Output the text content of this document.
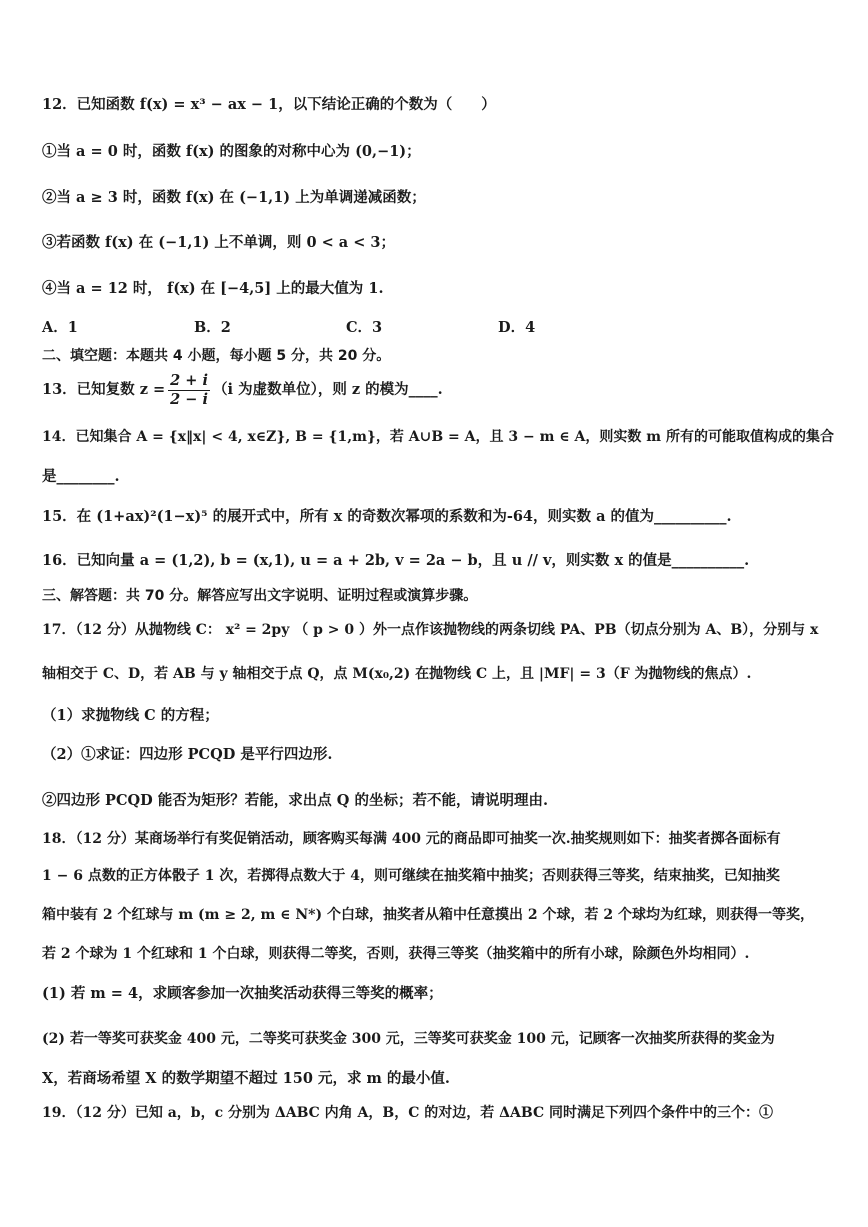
12．已知函数 f(x) = x³ − ax − 1，以下结论正确的个数为（　　）
①当 a = 0 时，函数 f(x) 的图象的对称中心为 (0,−1)；
②当 a ≥ 3 时，函数 f(x) 在 (−1,1) 上为单调递减函数；
③若函数 f(x) 在 (−1,1) 上不单调，则 0 < a < 3；
④当 a = 12 时， f(x) 在 [−4,5] 上的最大值为 1.
A．1	B．2	C．3	D．4
二、填空题：本题共 4 小题，每小题 5 分，共 20 分。
13．已知复数 $z = \frac{2 + i}{2 - i} (i$ 为虚数单位），则 z 的模为____.
14．已知集合 A = {x‖x| < 4, x∈Z}, B = {1,m}，若 A∪B = A，且 3 − m ∈ A，则实数 m 所有的可能取值构成的集合
是________.
15．在 (1+ax)²(1−x)⁵ 的展开式中，所有 x 的奇数次幂项的系数和为-64，则实数 a 的值为__________.
16．已知向量 a = (1,2), b = (x,1), u = a + 2b, v = 2a − b，且 u // v，则实数 x 的值是__________.
三、解答题：共 70 分。解答应写出文字说明、证明过程或演算步骤。
17．（12 分）从抛物线 C： x² = 2py （ p > 0 ）外一点作该抛物线的两条切线 PA、PB（切点分别为 A、B），分别与 x
轴相交于 C、D，若 AB 与 y 轴相交于点 Q，点 M(x₀,2) 在抛物线 C 上，且 |MF| = 3（F 为抛物线的焦点）.
（1）求抛物线 C 的方程；
（2）①求证：四边形 PCQD 是平行四边形.
②四边形 PCQD 能否为矩形？若能，求出点 Q 的坐标；若不能，请说明理由.
18．（12 分）某商场举行有奖促销活动，顾客购买每满 400 元的商品即可抽奖一次.抽奖规则如下：抽奖者掷各面标有
1 − 6 点数的正方体骰子 1 次，若掷得点数大于 4，则可继续在抽奖箱中抽奖；否则获得三等奖，结束抽奖，已知抽奖
箱中装有 2 个红球与 m (m ≥ 2, m ∈ N*) 个白球，抽奖者从箱中任意摸出 2 个球，若 2 个球均为红球，则获得一等奖，
若 2 个球为 1 个红球和 1 个白球，则获得二等奖，否则，获得三等奖（抽奖箱中的所有小球，除颜色外均相同）.
(1) 若 m = 4，求顾客参加一次抽奖活动获得三等奖的概率；
(2) 若一等奖可获奖金 400 元，二等奖可获奖金 300 元，三等奖可获奖金 100 元，记顾客一次抽奖所获得的奖金为
X，若商场希望 X 的数学期望不超过 150 元，求 m 的最小值.
19．（12 分）已知 a，b，c 分别为 ΔABC 内角 A，B，C 的对边，若 ΔABC 同时满足下列四个条件中的三个：①
